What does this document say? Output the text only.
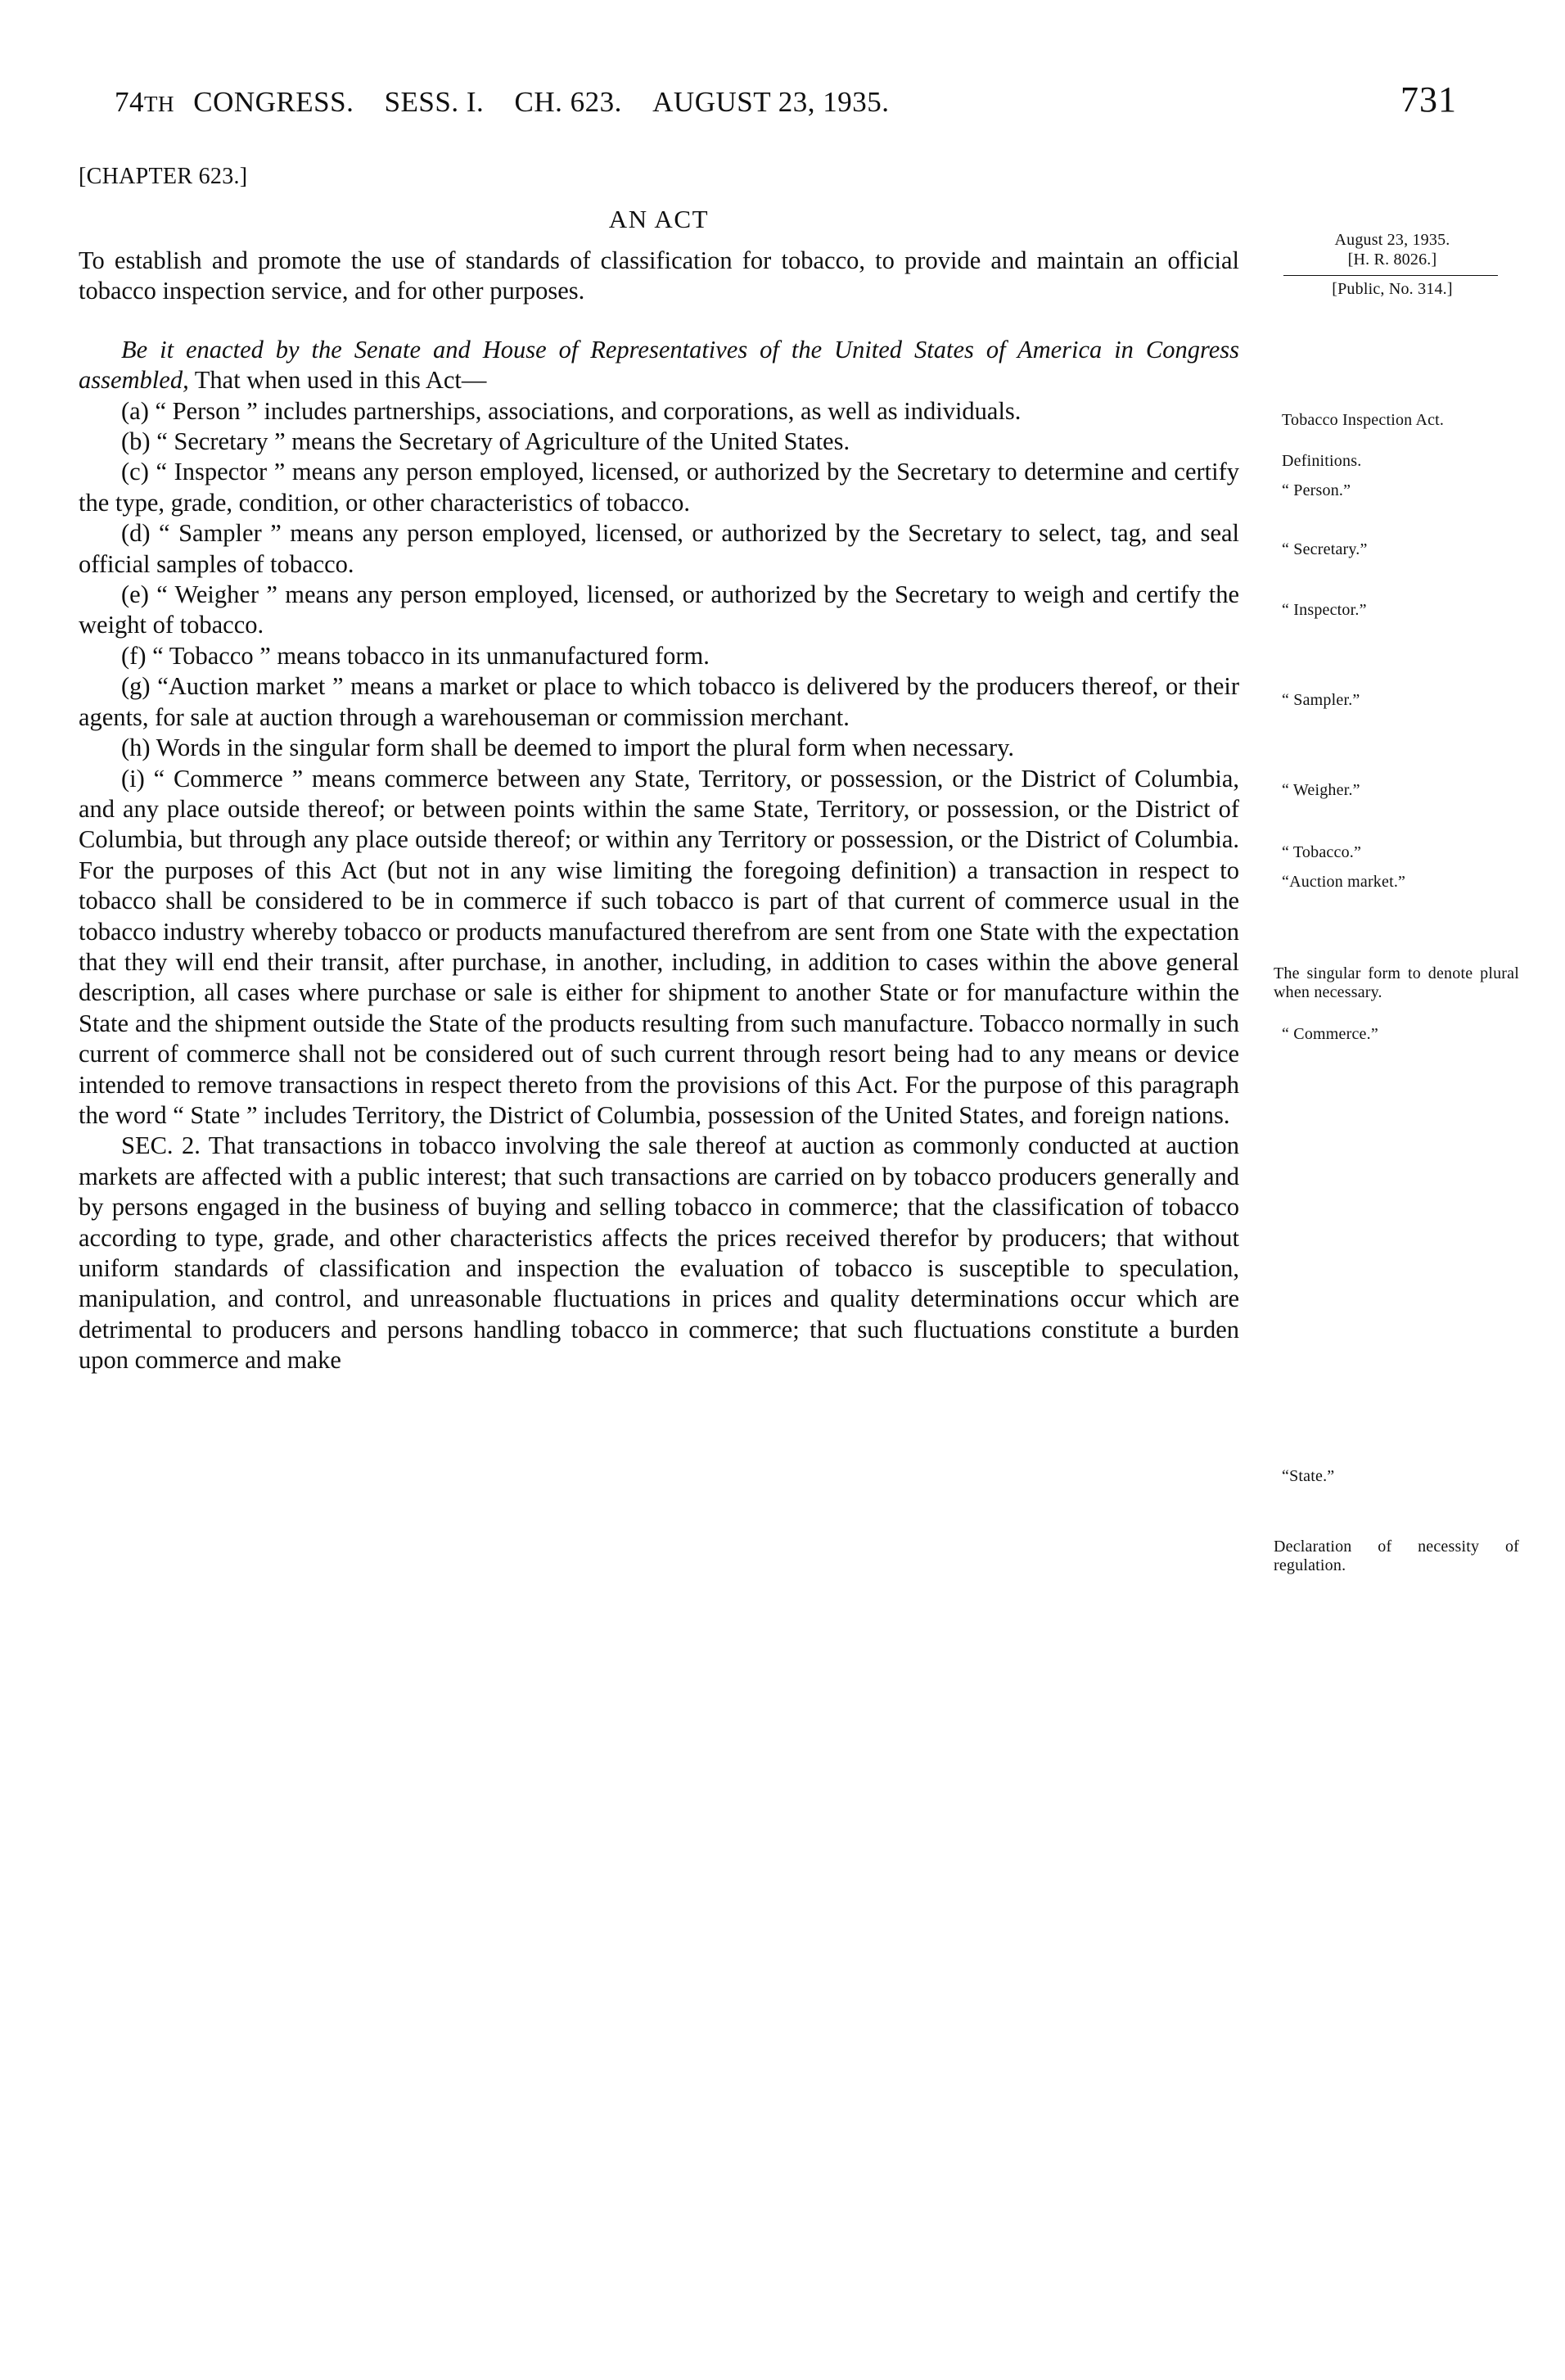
74TH CONGRESS. SESS. I. CH. 623. AUGUST 23, 1935.	731
[CHAPTER 623.]
AN ACT

To establish and promote the use of standards of classification for tobacco, to provide and maintain an official tobacco inspection service, and for other purposes.

Be it enacted by the Senate and House of Representatives of the United States of America in Congress assembled, That when used in this Act—

(a) “ Person ” includes partnerships, associations, and corporations, as well as individuals.

(b) “ Secretary ” means the Secretary of Agriculture of the United States.

(c) “ Inspector ” means any person employed, licensed, or authorized by the Secretary to determine and certify the type, grade, condition, or other characteristics of tobacco.

(d) “ Sampler ” means any person employed, licensed, or authorized by the Secretary to select, tag, and seal official samples of tobacco.

(e) “ Weigher ” means any person employed, licensed, or authorized by the Secretary to weigh and certify the weight of tobacco.

(f) “ Tobacco ” means tobacco in its unmanufactured form.

(g) “Auction market ” means a market or place to which tobacco is delivered by the producers thereof, or their agents, for sale at auction through a warehouseman or commission merchant.

(h) Words in the singular form shall be deemed to import the plural form when necessary.

(i) “ Commerce ” means commerce between any State, Territory, or possession, or the District of Columbia, and any place outside thereof; or between points within the same State, Territory, or possession, or the District of Columbia, but through any place outside thereof; or within any Territory or possession, or the District of Columbia. For the purposes of this Act (but not in any wise limiting the foregoing definition) a transaction in respect to tobacco shall be considered to be in commerce if such tobacco is part of that current of commerce usual in the tobacco industry whereby tobacco or products manufactured therefrom are sent from one State with the expectation that they will end their transit, after purchase, in another, including, in addition to cases within the above general description, all cases where purchase or sale is either for shipment to another State or for manufacture within the State and the shipment outside the State of the products resulting from such manufacture. Tobacco normally in such current of commerce shall not be considered out of such current through resort being had to any means or device intended to remove transactions in respect thereto from the provisions of this Act. For the purpose of this paragraph the word “ State ” includes Territory, the District of Columbia, possession of the United States, and foreign nations.

SEC. 2. That transactions in tobacco involving the sale thereof at auction as commonly conducted at auction markets are affected with a public interest; that such transactions are carried on by tobacco producers generally and by persons engaged in the business of buying and selling tobacco in commerce; that the classification of tobacco according to type, grade, and other characteristics affects the prices received therefor by producers; that without uniform standards of classification and inspection the evaluation of tobacco is susceptible to speculation, manipulation, and control, and unreasonable fluctuations in prices and quality determinations occur which are detrimental to producers and persons handling tobacco in commerce; that such fluctuations constitute a burden upon commerce and make

August 23, 1935.
[H. R. 8026.]
[Public, No. 314.]
Tobacco Inspection Act.
Definitions.
“ Person.”
“ Secretary.”
“ Inspector.”
“ Sampler.”
“ Weigher.”
“ Tobacco.”
“Auction market.”
The singular form to denote plural when necessary.
“ Commerce.”
“State.”
Declaration of necessity of regulation.
